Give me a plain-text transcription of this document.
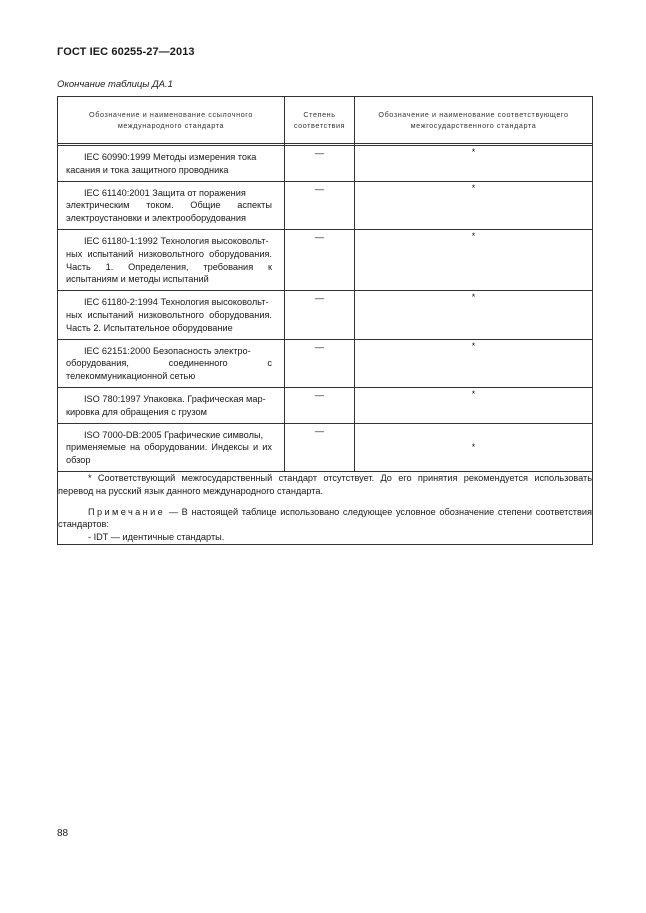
ГОСТ IEC 60255-27—2013
Окончание таблицы ДА.1
Обозначение и наименование ссылочного международного стандарта	Степень соответствия	Обозначение и наименование соответствующего межгосударственного стандарта

IEC 60990:1999 Методы измерения тока
касания и тока защитного проводника	—	*

IEC 61140:2001 Защита от поражения
электрическим током. Общие аспекты электроустановки и электрооборудования	—	*

IEC 61180-1:1992 Технология высоковольт-
ных испытаний низковольтного оборудования. Часть 1. Определения, требования к испытаниям и методы испытаний	—	*

IEC 61180-2:1994 Технология высоковольт-
ных испытаний низковольтного оборудования. Часть 2. Испытательное оборудование	—	*

IEC 62151:2000 Безопасность электро-
оборудования, соединенного с телекоммуникационной сетью	—	*

ISO 780:1997 Упаковка. Графическая мар-
кировка для обращения с грузом	—	*

ISO 7000-DB:2005 Графические символы,
применяемые на оборудовании. Индексы и их обзор	—	*

* Соответствующий межгосударственный стандарт отсутствует. До его принятия рекомендуется использовать перевод на русский язык данного международного стандарта.

Примечание — В настоящей таблице использовано следующее условное обозначение степени соответствия стандартов:

- IDT — идентичные стандарты.		
88
